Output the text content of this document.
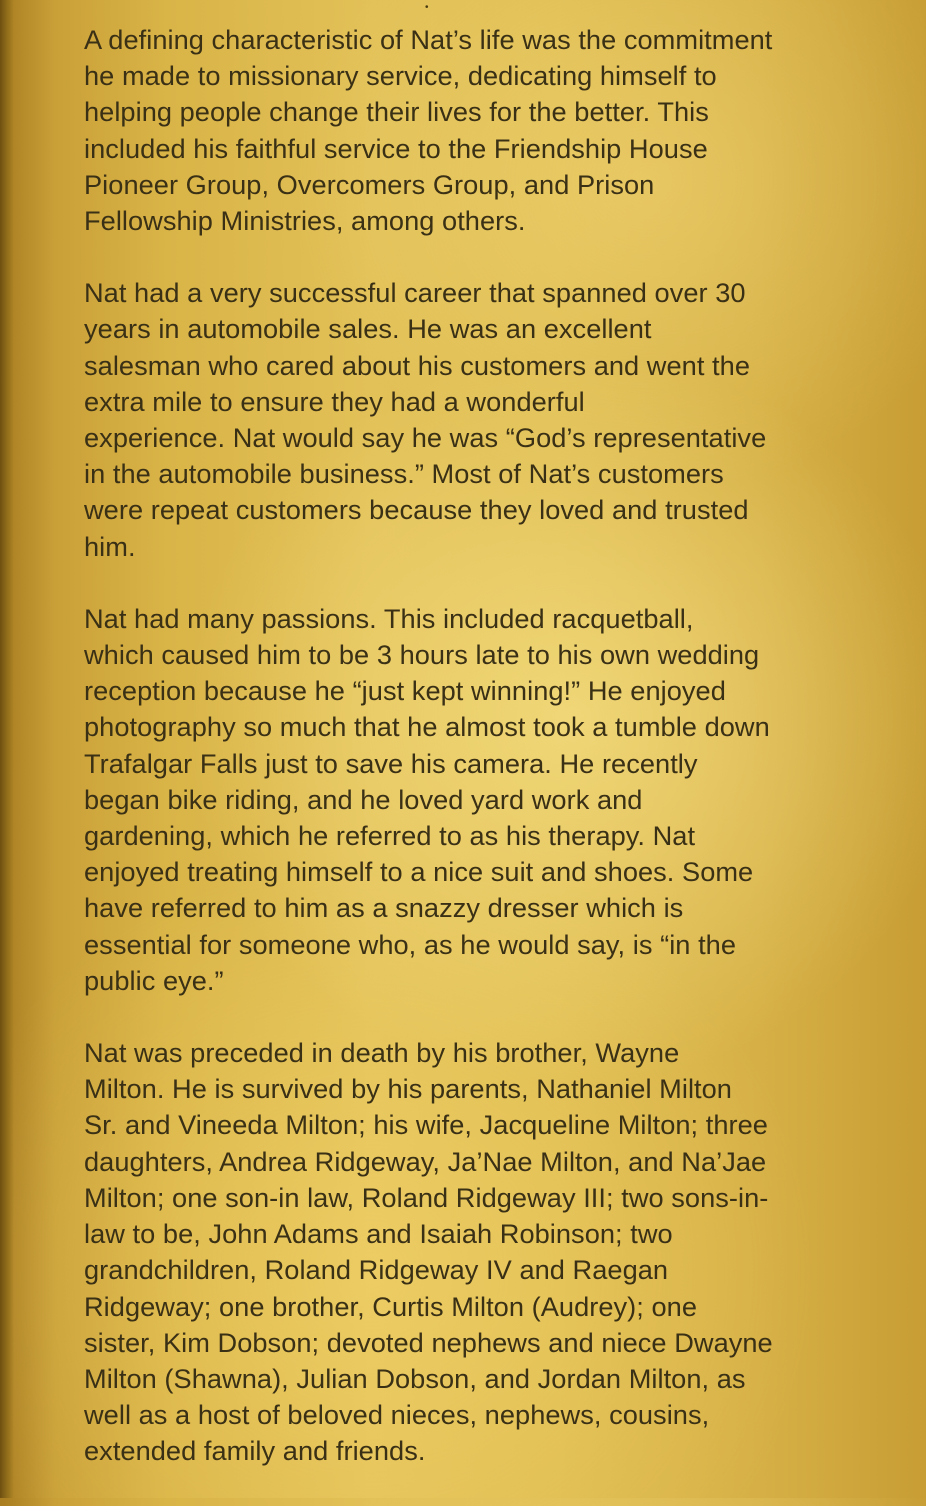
•

A defining characteristic of Nat’s life was the commitment
he made to missionary service, dedicating himself to
helping people change their lives for the better. This
included his faithful service to the Friendship House
Pioneer Group, Overcomers Group, and Prison
Fellowship Ministries, among others.

Nat had a very successful career that spanned over 30
years in automobile sales. He was an excellent
salesman who cared about his customers and went the
extra mile to ensure they had a wonderful
experience. Nat would say he was “God’s representative
in the automobile business.” Most of Nat’s customers
were repeat customers because they loved and trusted
him.

Nat had many passions. This included racquetball,
which caused him to be 3 hours late to his own wedding
reception because he “just kept winning!” He enjoyed
photography so much that he almost took a tumble down
Trafalgar Falls just to save his camera. He recently
began bike riding, and he loved yard work and
gardening, which he referred to as his therapy. Nat
enjoyed treating himself to a nice suit and shoes. Some
have referred to him as a snazzy dresser which is
essential for someone who, as he would say, is “in the
public eye.”

Nat was preceded in death by his brother, Wayne
Milton. He is survived by his parents, Nathaniel Milton
Sr. and Vineeda Milton; his wife, Jacqueline Milton; three
daughters, Andrea Ridgeway, Ja’Nae Milton, and Na’Jae
Milton; one son-in law, Roland Ridgeway III; two sons-in-
law to be, John Adams and Isaiah Robinson; two
grandchildren, Roland Ridgeway IV and Raegan
Ridgeway; one brother, Curtis Milton (Audrey); one
sister, Kim Dobson; devoted nephews and niece Dwayne
Milton (Shawna), Julian Dobson, and Jordan Milton, as
well as a host of beloved nieces, nephews, cousins,
extended family and friends.
